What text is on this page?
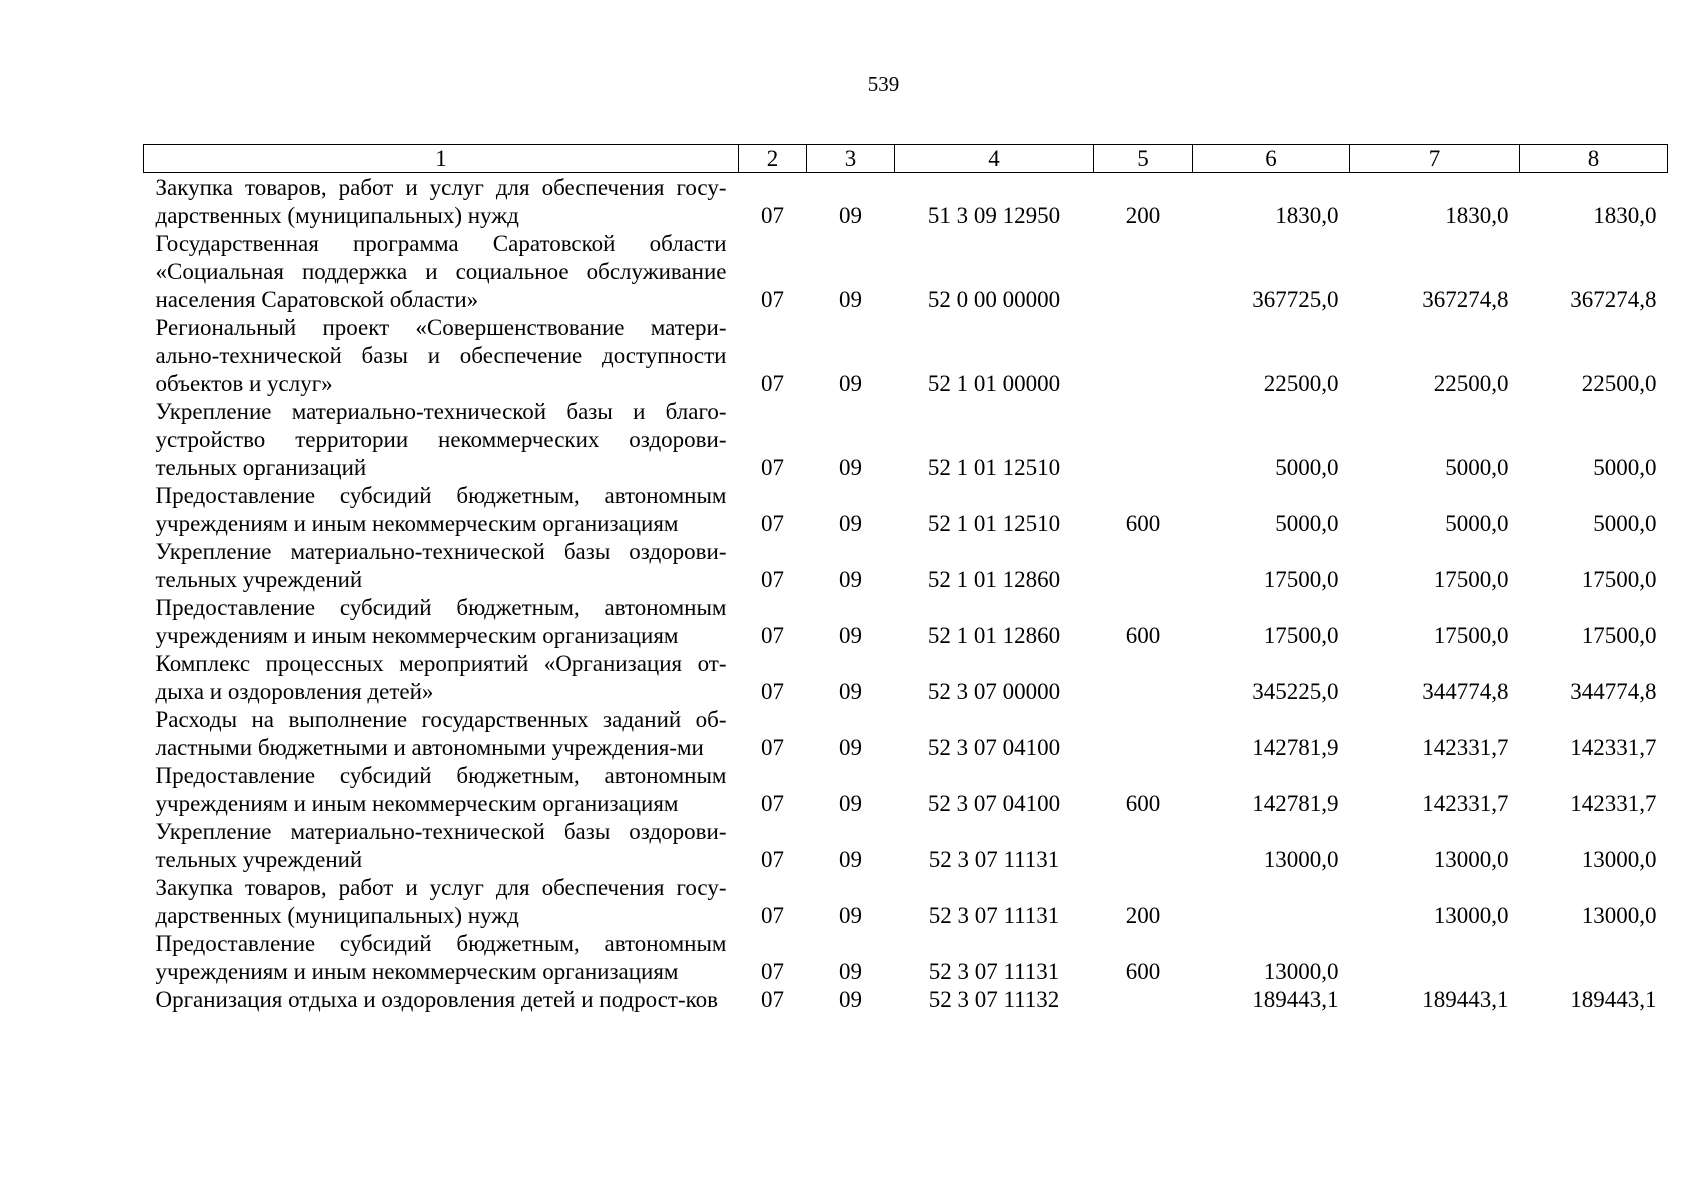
539
1	2	3	4	5	6	7	8
Закупка товаров, работ и услуг для обеспечения госу-дарственных (муниципальных) нужд	07	09	51 3 09 12950	200	1830,0	1830,0	1830,0
Государственная программа Саратовской области «Социальная поддержка и социальное обслуживание населения Саратовской области»	07	09	52 0 00 00000		367725,0	367274,8	367274,8
Региональный проект «Совершенствование матери-ально-технической базы и обеспечение доступности объектов и услуг»	07	09	52 1 01 00000		22500,0	22500,0	22500,0
Укрепление материально-технической базы и благо-устройство территории некоммерческих оздорови-тельных организаций	07	09	52 1 01 12510		5000,0	5000,0	5000,0
Предоставление субсидий бюджетным, автономным учреждениям и иным некоммерческим организациям	07	09	52 1 01 12510	600	5000,0	5000,0	5000,0
Укрепление материально-технической базы оздорови-тельных учреждений	07	09	52 1 01 12860		17500,0	17500,0	17500,0
Предоставление субсидий бюджетным, автономным учреждениям и иным некоммерческим организациям	07	09	52 1 01 12860	600	17500,0	17500,0	17500,0
Комплекс процессных мероприятий «Организация от-дыха и оздоровления детей»	07	09	52 3 07 00000		345225,0	344774,8	344774,8
Расходы на выполнение государственных заданий об-ластными бюджетными и автономными учреждения-ми	07	09	52 3 07 04100		142781,9	142331,7	142331,7
Предоставление субсидий бюджетным, автономным учреждениям и иным некоммерческим организациям	07	09	52 3 07 04100	600	142781,9	142331,7	142331,7
Укрепление материально-технической базы оздорови-тельных учреждений	07	09	52 3 07 11131		13000,0	13000,0	13000,0
Закупка товаров, работ и услуг для обеспечения госу-дарственных (муниципальных) нужд	07	09	52 3 07 11131	200		13000,0	13000,0
Предоставление субсидий бюджетным, автономным учреждениям и иным некоммерческим организациям	07	09	52 3 07 11131	600	13000,0		
Организация отдыха и оздоровления детей и подрост-ков	07	09	52 3 07 11132		189443,1	189443,1	189443,1
